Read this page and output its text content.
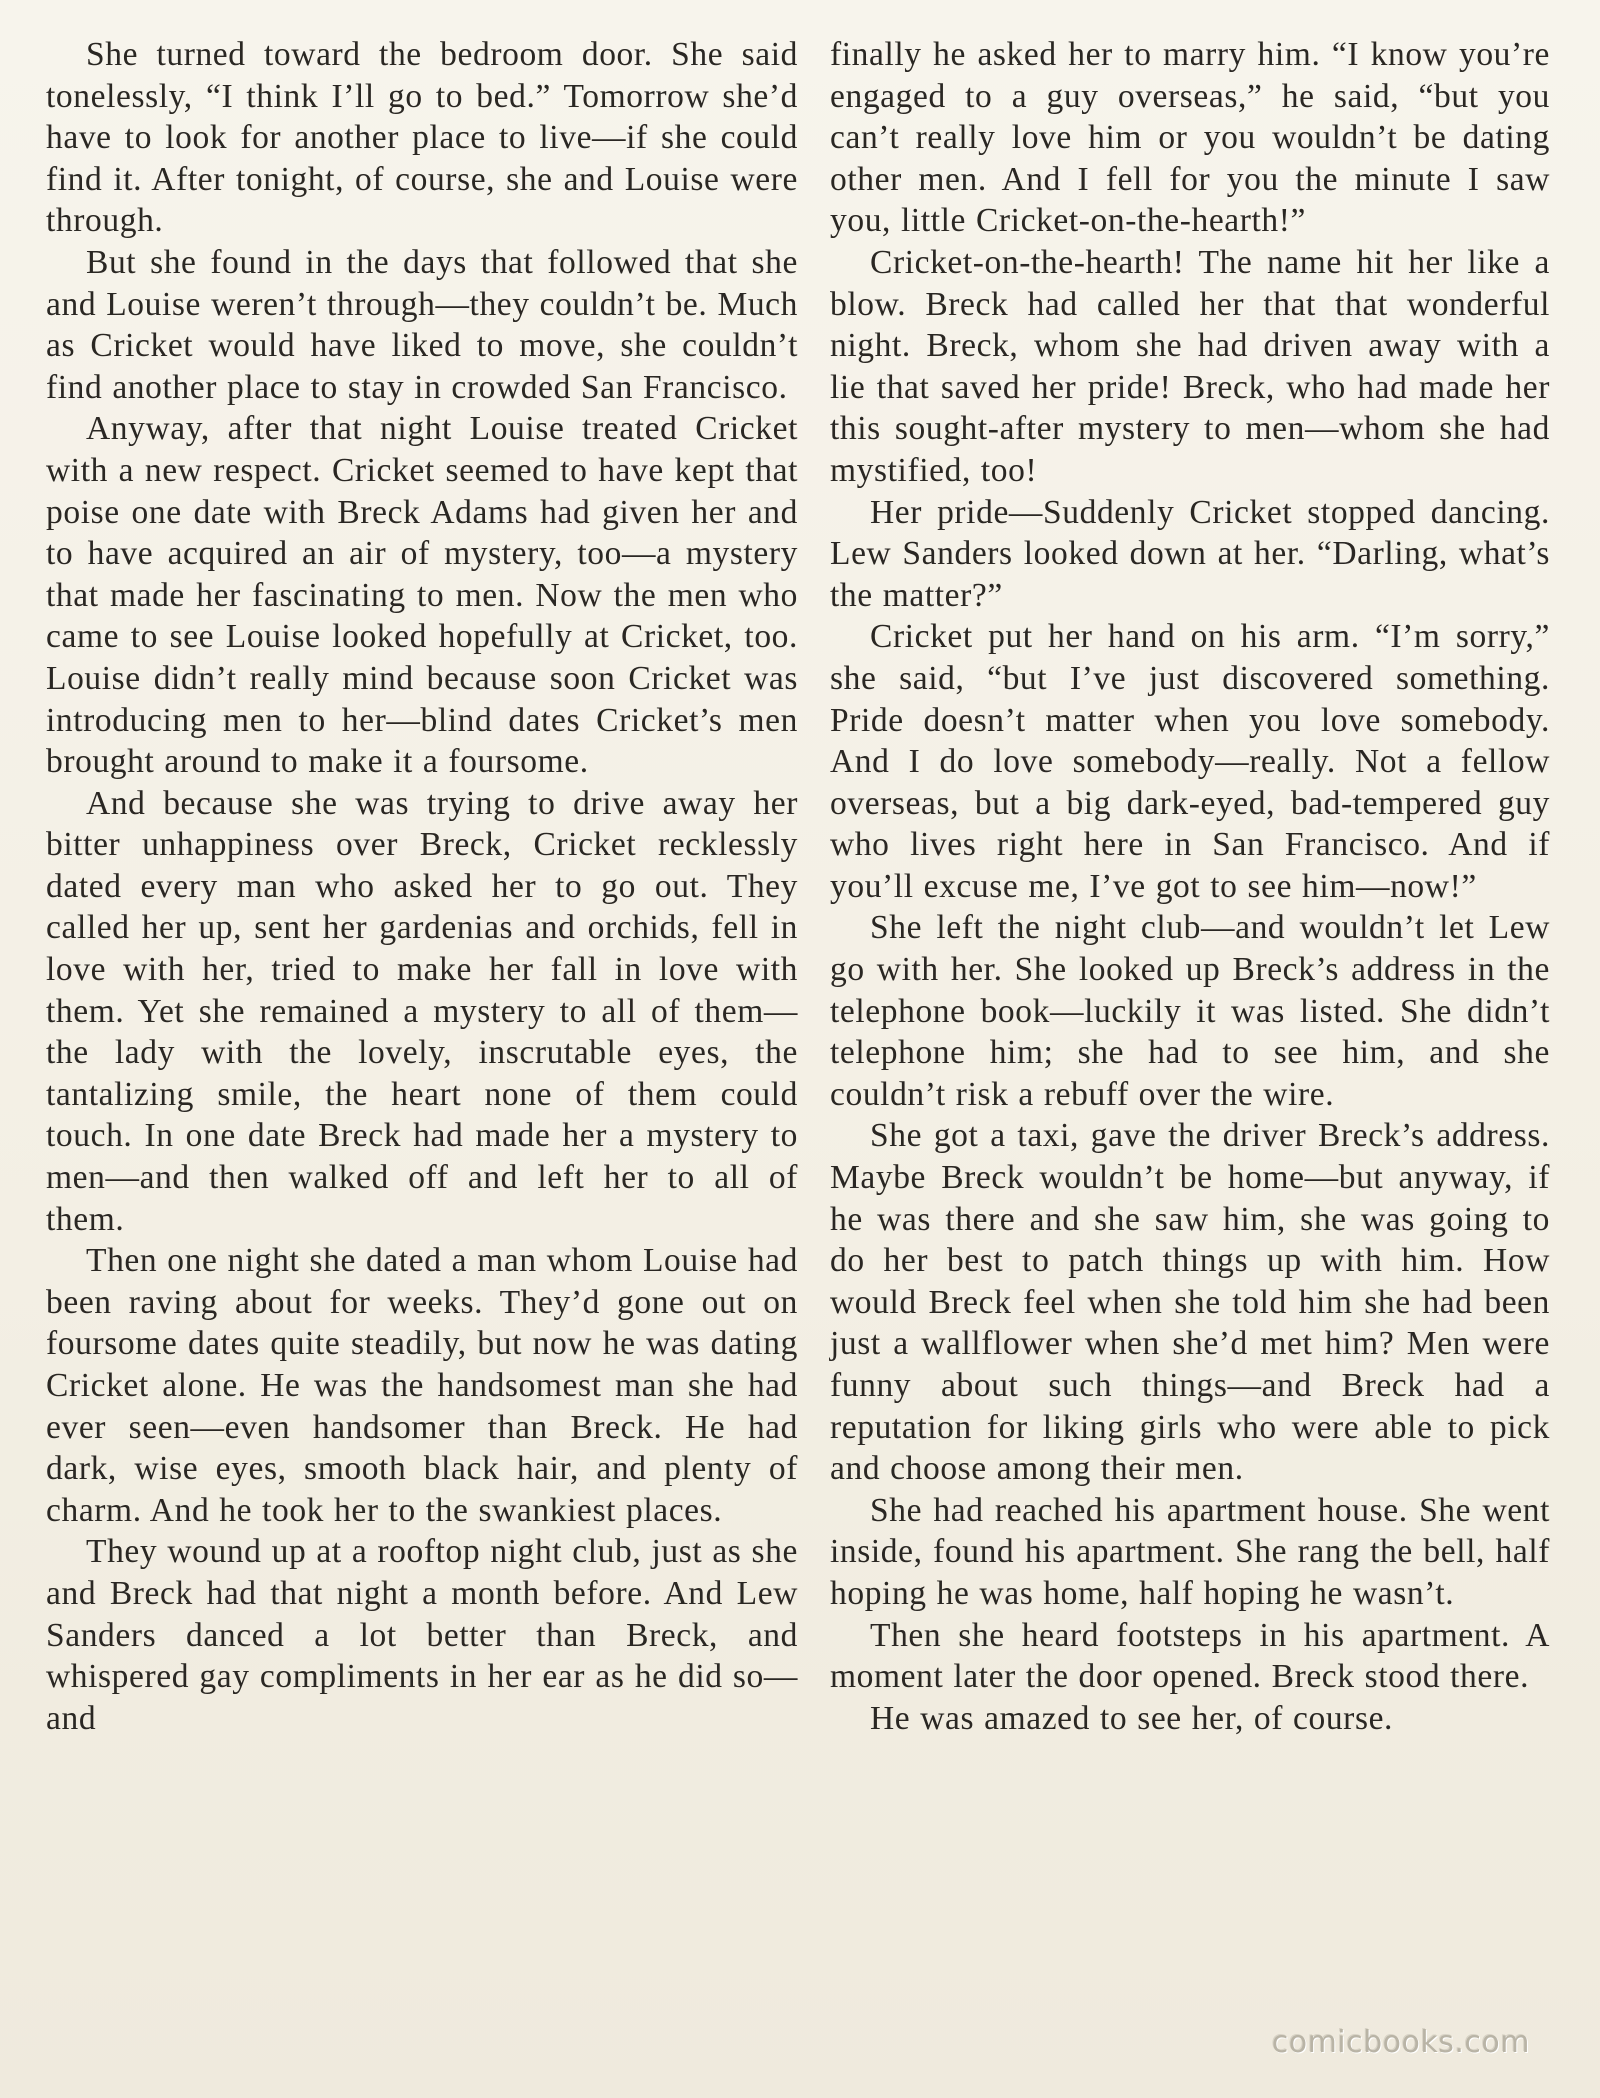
She turned toward the bedroom door. She said tonelessly, “I think I’ll go to bed.” Tomorrow she’d have to look for another place to live—if she could find it. After tonight, of course, she and Louise were through.

But she found in the days that followed that she and Louise weren’t through—they couldn’t be. Much as Cricket would have liked to move, she couldn’t find another place to stay in crowded San Francisco.

Anyway, after that night Louise treated Cricket with a new respect. Cricket seemed to have kept that poise one date with Breck Adams had given her and to have acquired an air of mystery, too—a mystery that made her fascinating to men. Now the men who came to see Louise looked hopefully at Cricket, too. Louise didn’t really mind because soon Cricket was introducing men to her—blind dates Cricket’s men brought around to make it a foursome.

And because she was trying to drive away her bitter unhappiness over Breck, Cricket recklessly dated every man who asked her to go out. They called her up, sent her gardenias and orchids, fell in love with her, tried to make her fall in love with them. Yet she remained a mystery to all of them—the lady with the lovely, inscrutable eyes, the tantalizing smile, the heart none of them could touch. In one date Breck had made her a mystery to men—and then walked off and left her to all of them.

Then one night she dated a man whom Louise had been raving about for weeks. They’d gone out on foursome dates quite steadily, but now he was dating Cricket alone. He was the handsomest man she had ever seen—even handsomer than Breck. He had dark, wise eyes, smooth black hair, and plenty of charm. And he took her to the swankiest places.

They wound up at a rooftop night club, just as she and Breck had that night a month before. And Lew Sanders danced a lot better than Breck, and whispered gay compliments in her ear as he did so—and

finally he asked her to marry him. “I know you’re engaged to a guy overseas,” he said, “but you can’t really love him or you wouldn’t be dating other men. And I fell for you the minute I saw you, little Cricket-on-the-hearth!”

Cricket-on-the-hearth! The name hit her like a blow. Breck had called her that that wonderful night. Breck, whom she had driven away with a lie that saved her pride! Breck, who had made her this sought-after mystery to men—whom she had mystified, too!

Her pride—Suddenly Cricket stopped dancing. Lew Sanders looked down at her. “Darling, what’s the matter?”

Cricket put her hand on his arm. “I’m sorry,” she said, “but I’ve just discovered something. Pride doesn’t matter when you love somebody. And I do love somebody—really. Not a fellow overseas, but a big dark-eyed, bad-tempered guy who lives right here in San Francisco. And if you’ll excuse me, I’ve got to see him—now!”

She left the night club—and wouldn’t let Lew go with her. She looked up Breck’s address in the telephone book—luckily it was listed. She didn’t telephone him; she had to see him, and she couldn’t risk a rebuff over the wire.

She got a taxi, gave the driver Breck’s address. Maybe Breck wouldn’t be home—but anyway, if he was there and she saw him, she was going to do her best to patch things up with him. How would Breck feel when she told him she had been just a wallflower when she’d met him? Men were funny about such things—and Breck had a reputation for liking girls who were able to pick and choose among their men.

She had reached his apartment house. She went inside, found his apartment. She rang the bell, half hoping he was home, half hoping he wasn’t.

Then she heard footsteps in his apartment. A moment later the door opened. Breck stood there.

He was amazed to see her, of course.

comicbooks.com
